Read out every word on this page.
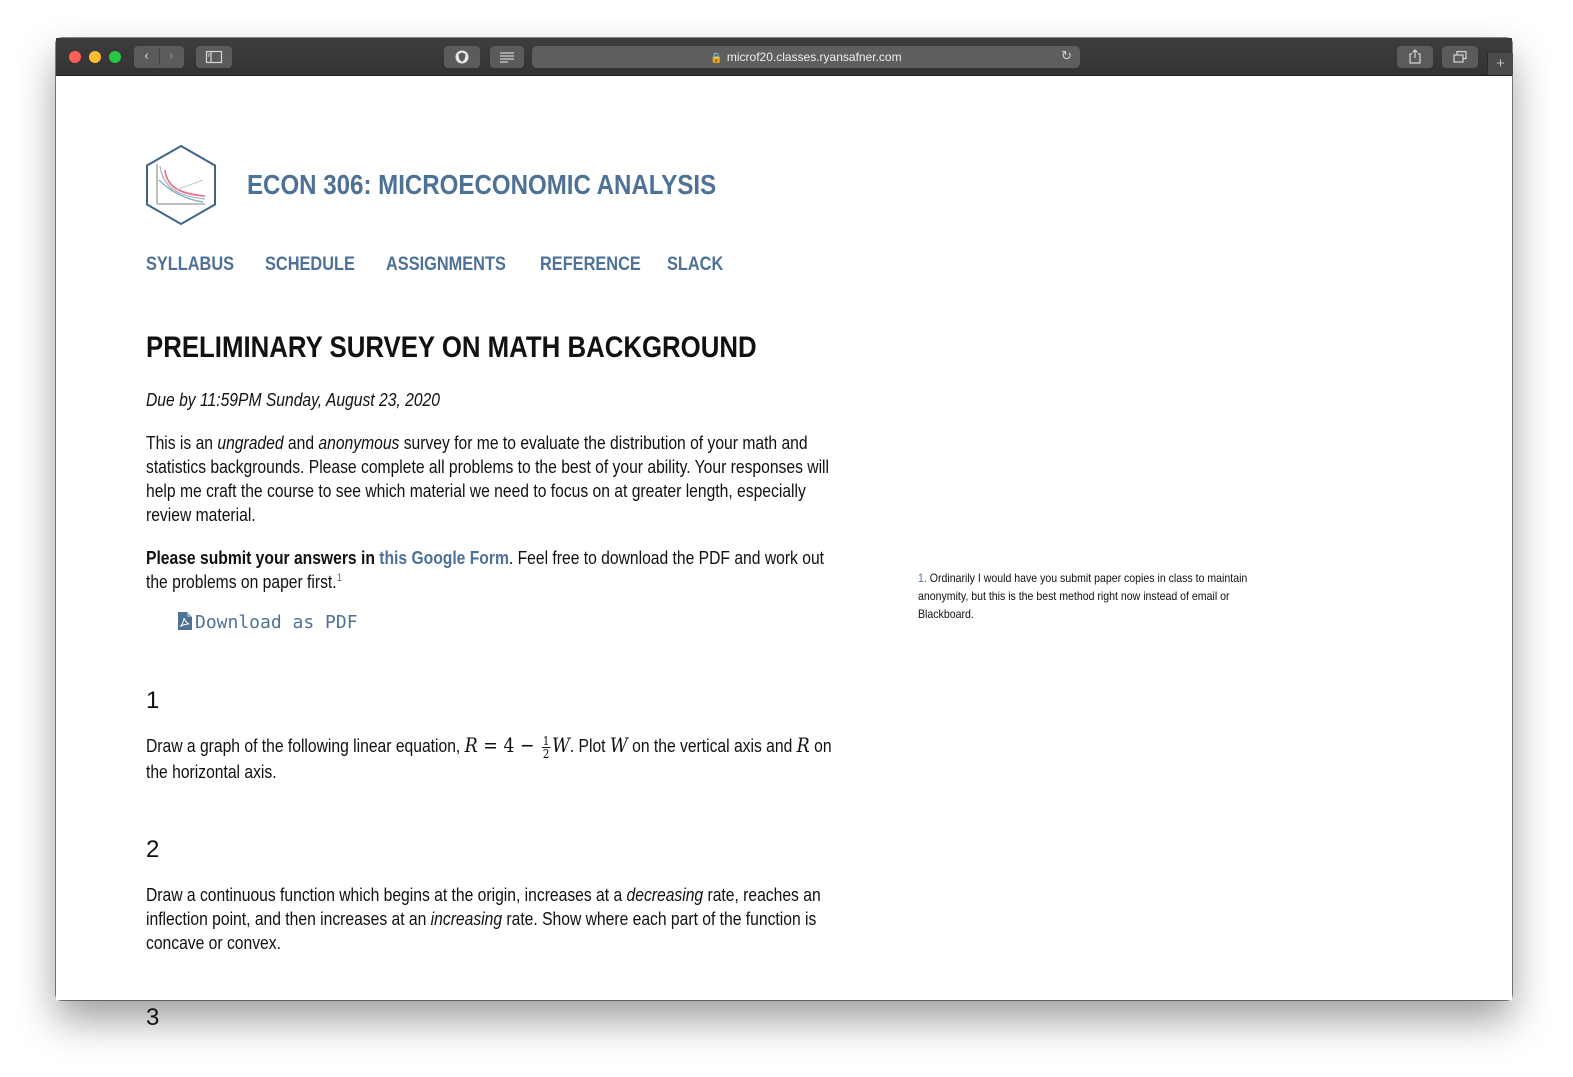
‹	›	🔒 microf20.classes.ryansafner.com	↻	+
ECON 306: MICROECONOMIC ANALYSIS
SYLLABUS SCHEDULE ASSIGNMENTS REFERENCE SLACK
PRELIMINARY SURVEY ON MATH BACKGROUND
Due by 11:59PM Sunday, August 23, 2020

This is an ungraded and anonymous survey for me to evaluate the distribution of your math and statistics backgrounds. Please complete all problems to the best of your ability. Your responses will help me craft the course to see which material we need to focus on at greater length, especially review material.

Please submit your answers in this Google Form. Feel free to download the PDF and work out the problems on paper first.$^1$

Download as PDF
1

Draw a graph of the following linear equation, $R = 4 - \frac{1}{2} W$. Plot W on the vertical axis and R on the horizontal axis.

2

Draw a continuous function which begins at the origin, increases at a decreasing rate, reaches an inflection point, and then increases at an increasing rate. Show where each part of the function is concave or convex.

3
1. Ordinarily I would have you submit paper copies in class to maintain anonymity, but this is the best method right now instead of email or Blackboard.
